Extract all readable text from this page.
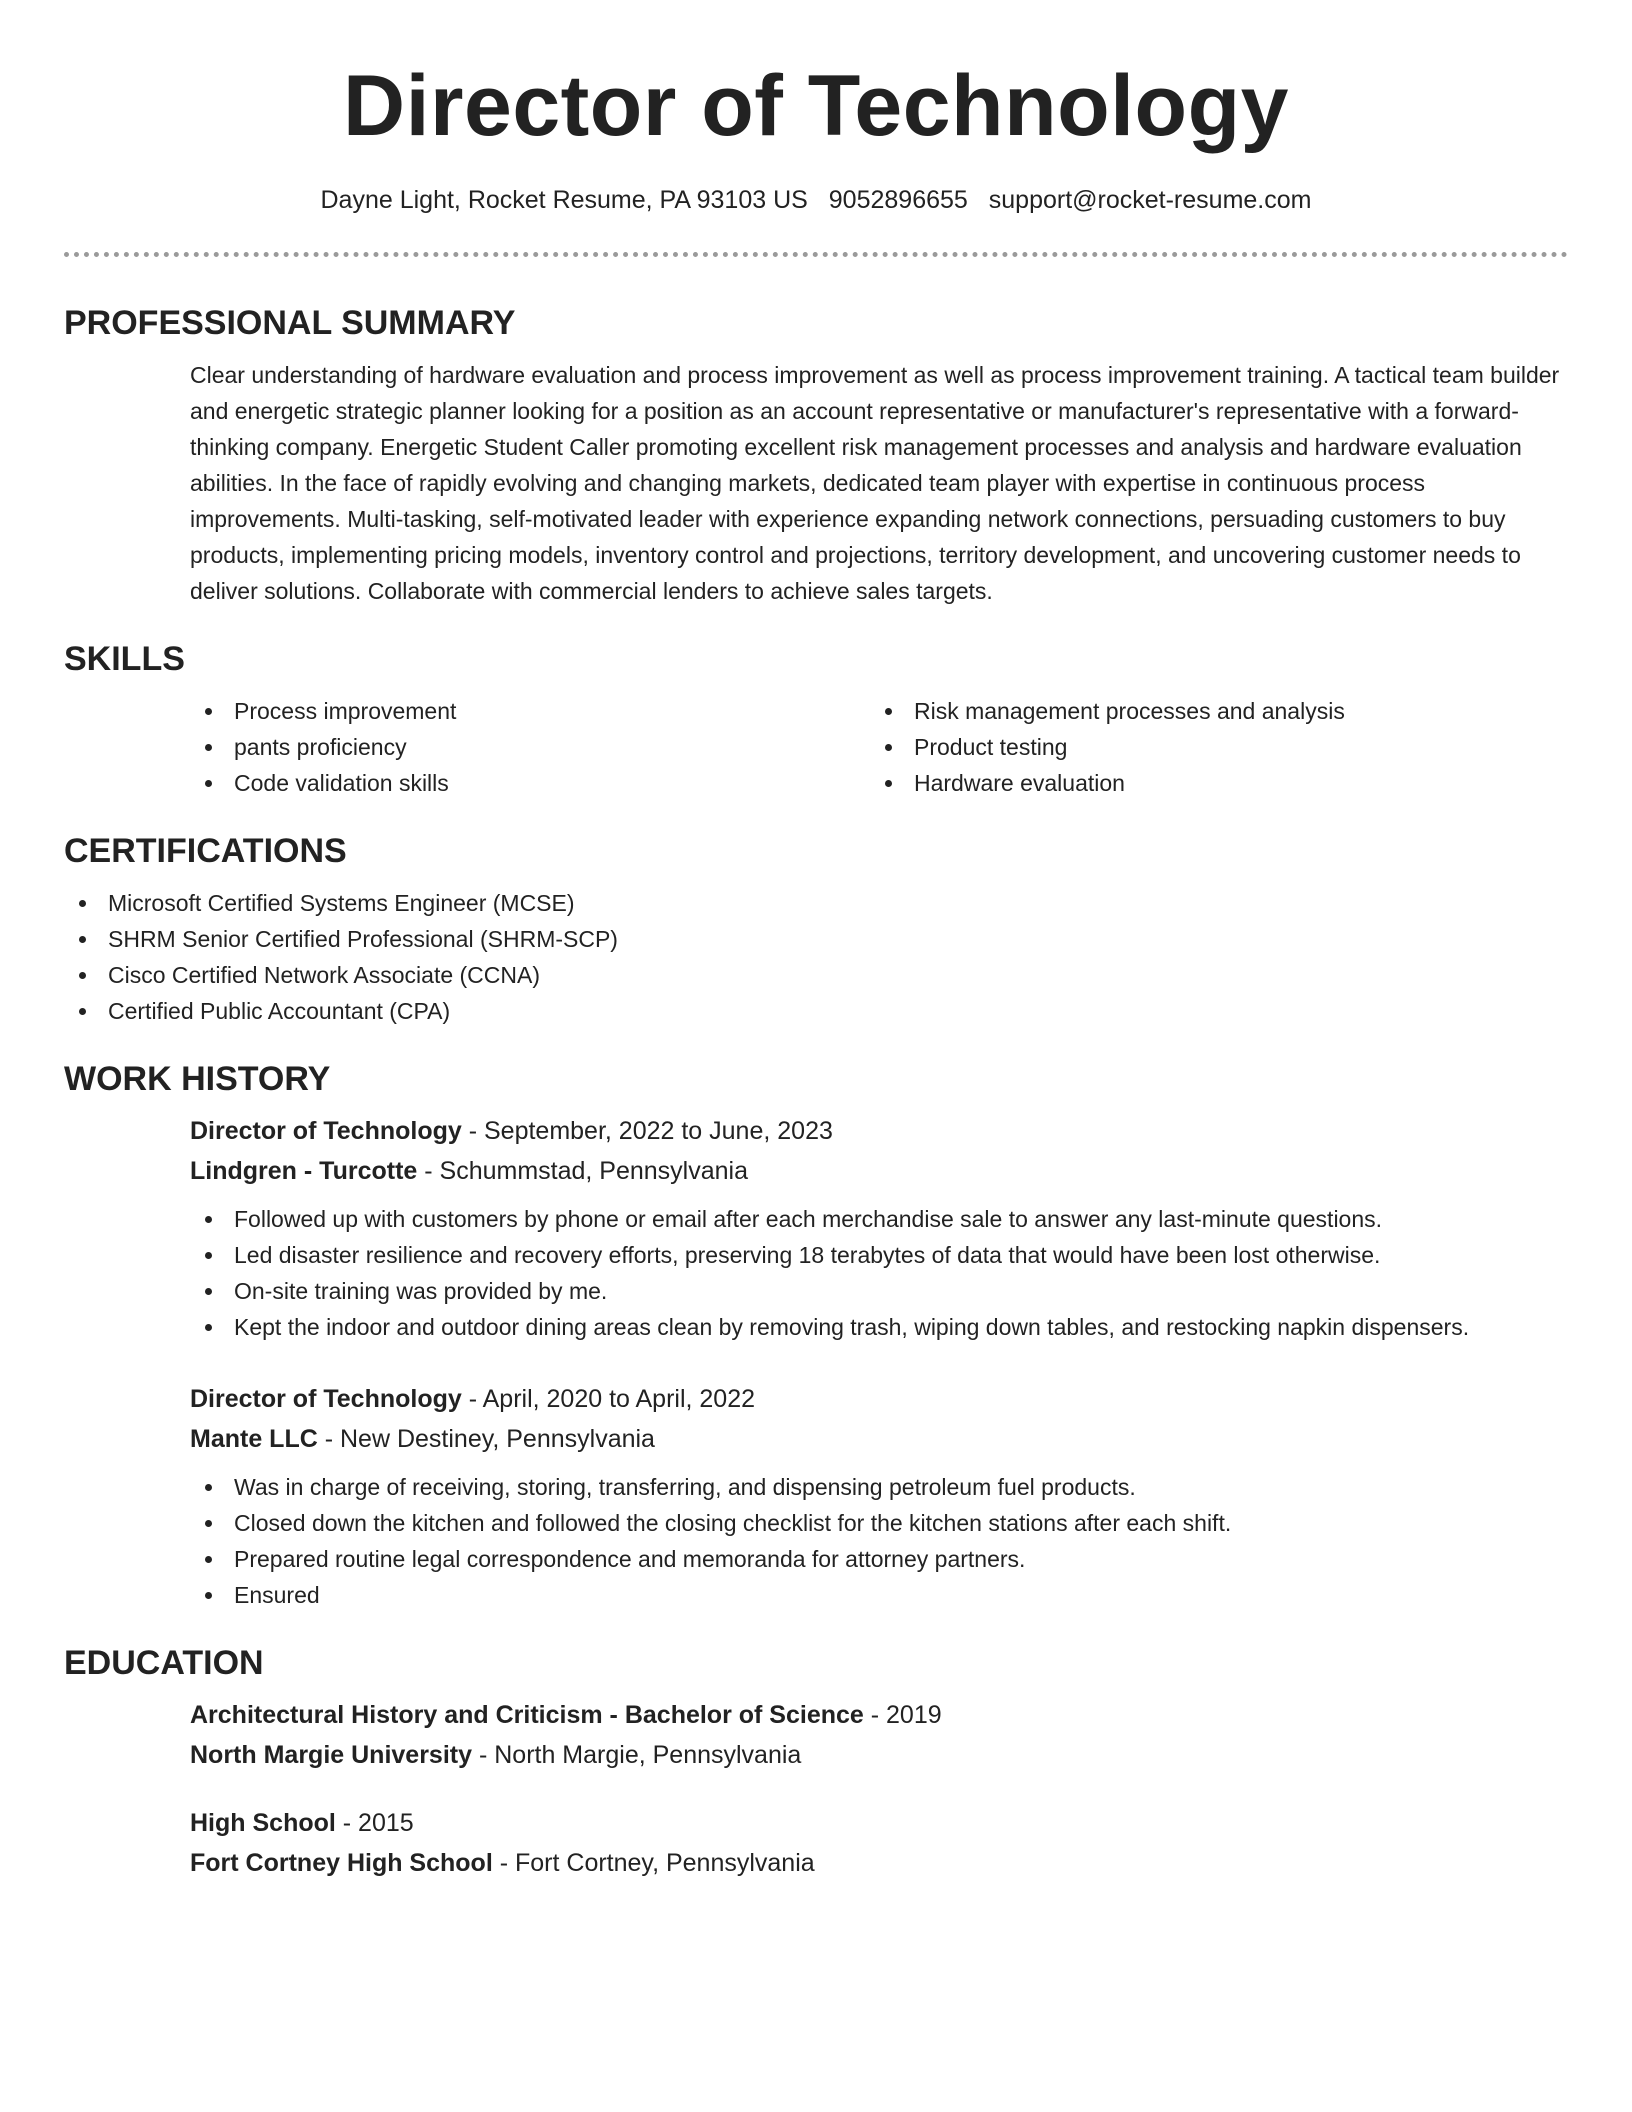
Director of Technology
Dayne Light, Rocket Resume, PA 93103 US 9052896655 support@rocket-resume.com
PROFESSIONAL SUMMARY
Clear understanding of hardware evaluation and process improvement as well as process improvement training. A tactical team builder and energetic strategic planner looking for a position as an account representative or manufacturer's representative with a forward-thinking company. Energetic Student Caller promoting excellent risk management processes and analysis and hardware evaluation abilities. In the face of rapidly evolving and changing markets, dedicated team player with expertise in continuous process improvements. Multi-tasking, self-motivated leader with experience expanding network connections, persuading customers to buy products, implementing pricing models, inventory control and projections, territory development, and uncovering customer needs to deliver solutions. Collaborate with commercial lenders to achieve sales targets.
SKILLS
Process improvement
pants proficiency
Code validation skills
Risk management processes and analysis
Product testing
Hardware evaluation
CERTIFICATIONS
Microsoft Certified Systems Engineer (MCSE)
SHRM Senior Certified Professional (SHRM-SCP)
Cisco Certified Network Associate (CCNA)
Certified Public Accountant (CPA)
WORK HISTORY
Director of Technology - September, 2022 to June, 2023
Lindgren - Turcotte - Schummstad, Pennsylvania
Followed up with customers by phone or email after each merchandise sale to answer any last-minute questions.
Led disaster resilience and recovery efforts, preserving 18 terabytes of data that would have been lost otherwise.
On-site training was provided by me.
Kept the indoor and outdoor dining areas clean by removing trash, wiping down tables, and restocking napkin dispensers.
Director of Technology - April, 2020 to April, 2022
Mante LLC - New Destiney, Pennsylvania
Was in charge of receiving, storing, transferring, and dispensing petroleum fuel products.
Closed down the kitchen and followed the closing checklist for the kitchen stations after each shift.
Prepared routine legal correspondence and memoranda for attorney partners.
Ensured
EDUCATION
Architectural History and Criticism - Bachelor of Science - 2019
North Margie University - North Margie, Pennsylvania
High School - 2015
Fort Cortney High School - Fort Cortney, Pennsylvania
